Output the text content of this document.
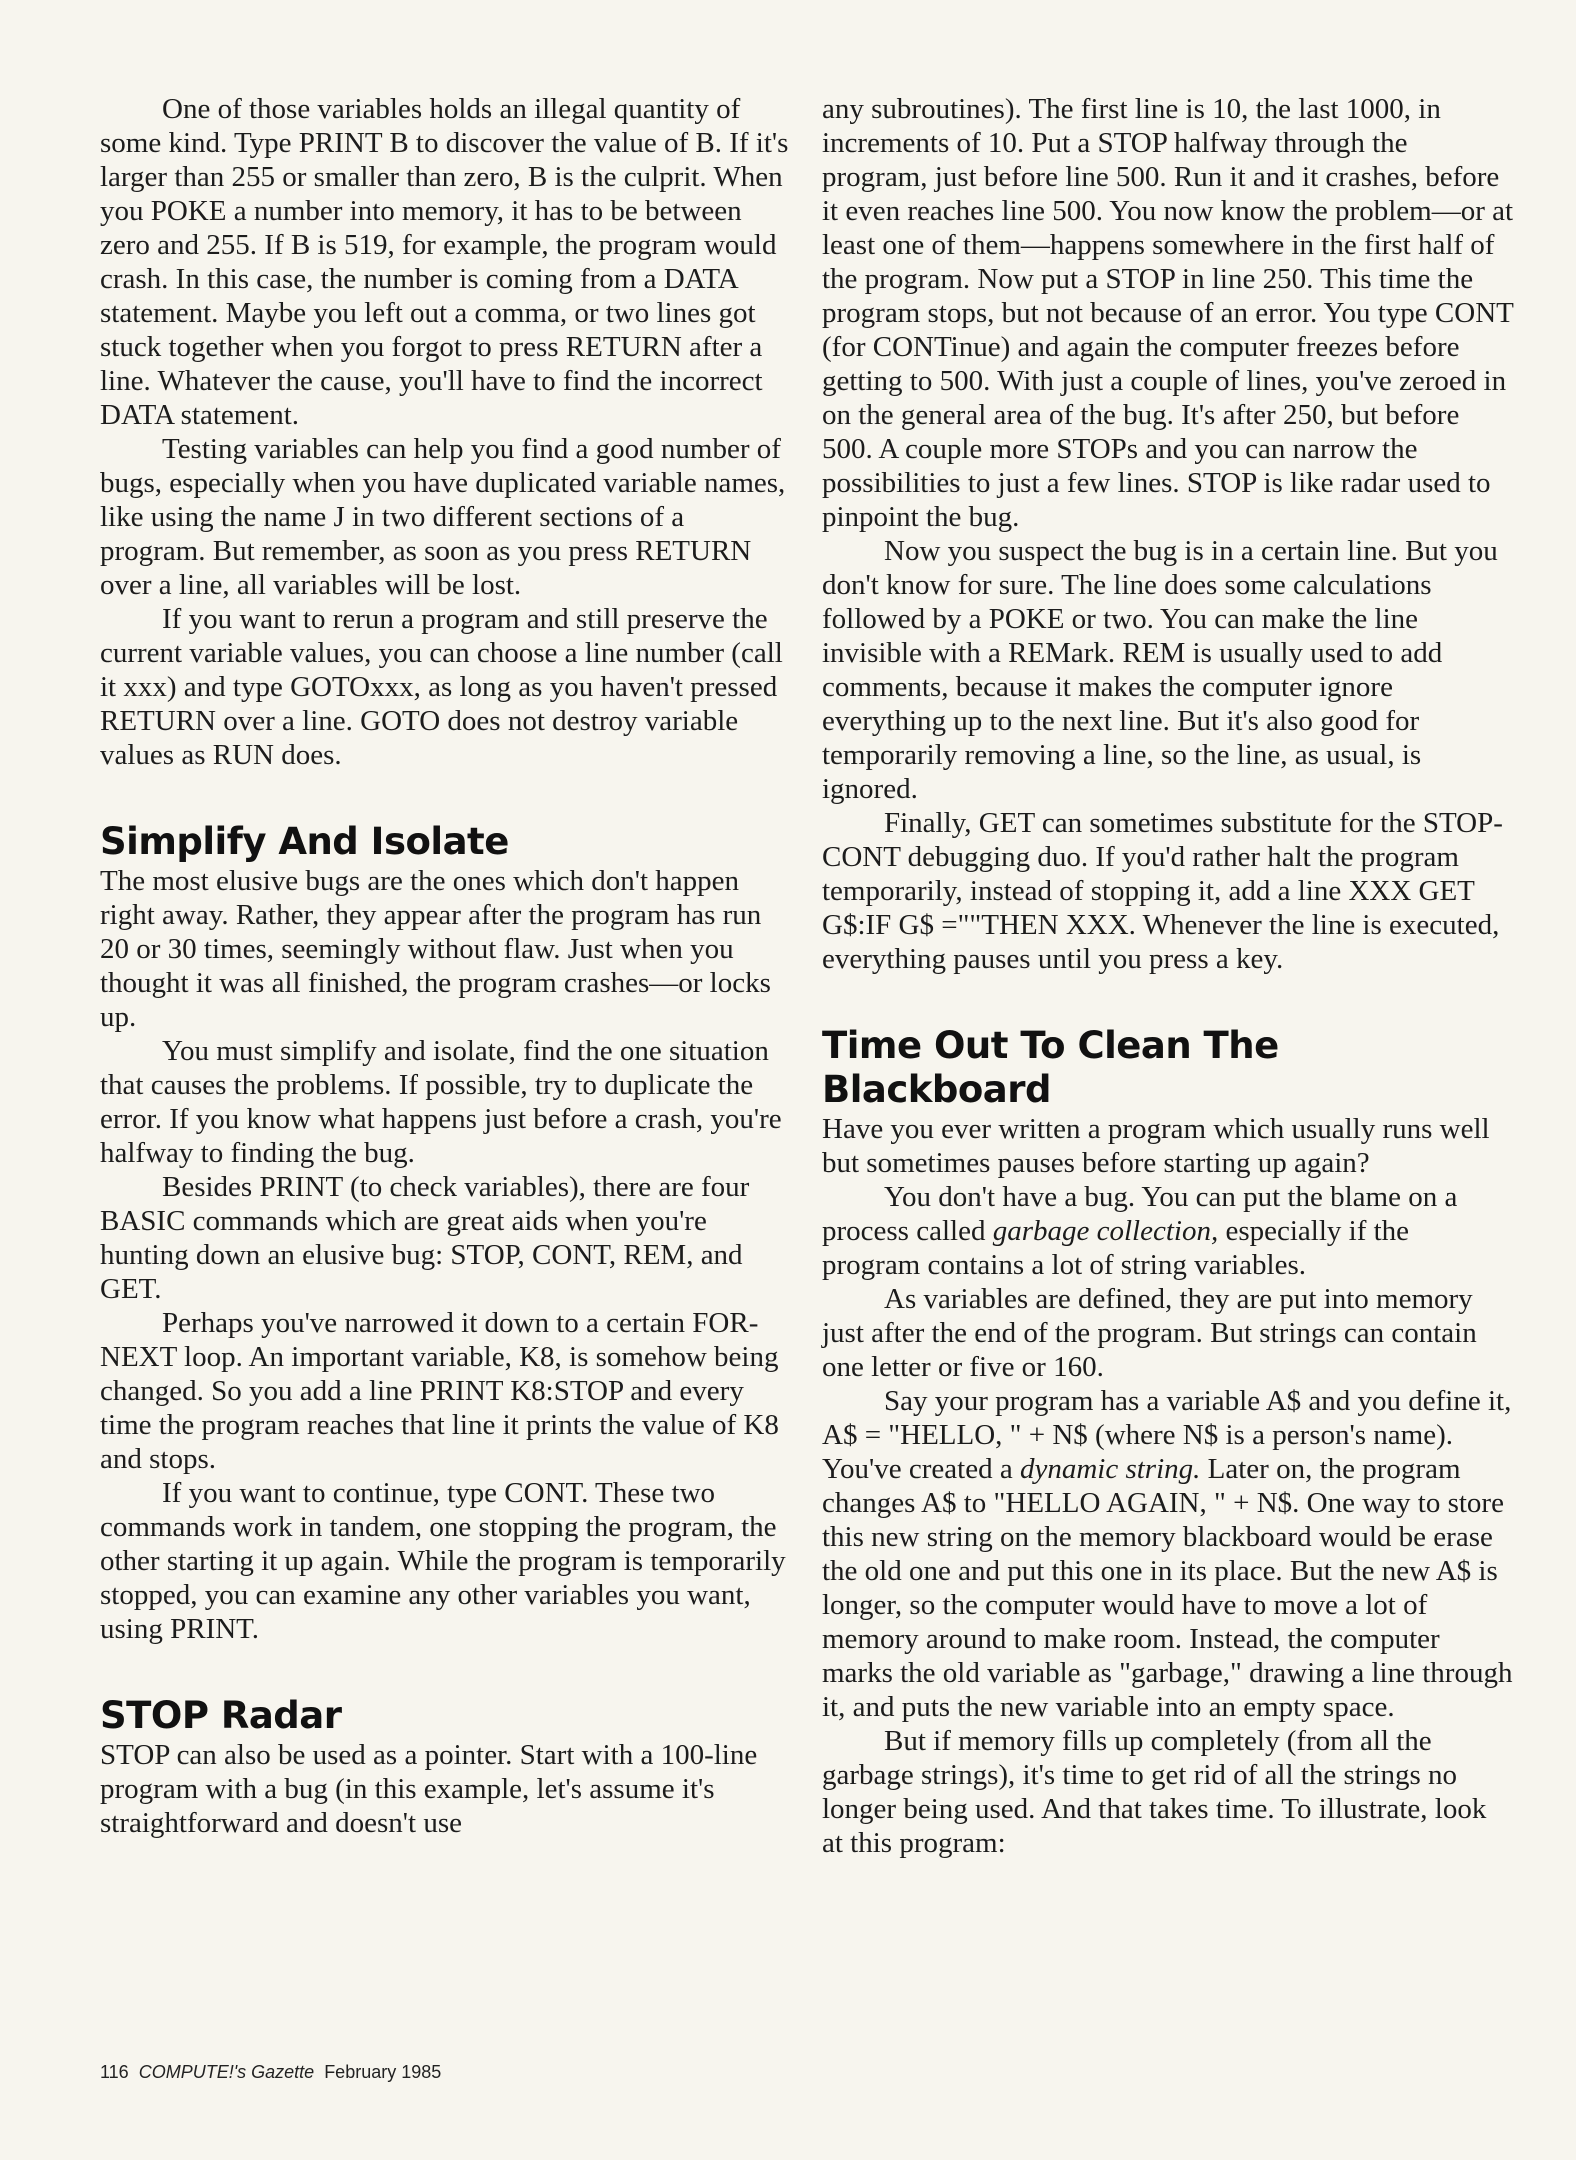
One of those variables holds an illegal quantity of some kind. Type PRINT B to discover the value of B. If it's larger than 255 or smaller than zero, B is the culprit. When you POKE a number into memory, it has to be between zero and 255. If B is 519, for example, the program would crash. In this case, the number is coming from a DATA statement. Maybe you left out a comma, or two lines got stuck together when you forgot to press RETURN after a line. Whatever the cause, you'll have to find the incorrect DATA statement.

Testing variables can help you find a good number of bugs, especially when you have duplicated variable names, like using the name J in two different sections of a program. But remember, as soon as you press RETURN over a line, all variables will be lost.

If you want to rerun a program and still preserve the current variable values, you can choose a line number (call it xxx) and type GOTOxxx, as long as you haven't pressed RETURN over a line. GOTO does not destroy variable values as RUN does.

Simplify And Isolate

The most elusive bugs are the ones which don't happen right away. Rather, they appear after the program has run 20 or 30 times, seemingly without flaw. Just when you thought it was all finished, the program crashes—or locks up.

You must simplify and isolate, find the one situation that causes the problems. If possible, try to duplicate the error. If you know what happens just before a crash, you're halfway to finding the bug.

Besides PRINT (to check variables), there are four BASIC commands which are great aids when you're hunting down an elusive bug: STOP, CONT, REM, and GET.

Perhaps you've narrowed it down to a certain FOR-NEXT loop. An important variable, K8, is somehow being changed. So you add a line PRINT K8:STOP and every time the program reaches that line it prints the value of K8 and stops.

If you want to continue, type CONT. These two commands work in tandem, one stopping the program, the other starting it up again. While the program is temporarily stopped, you can examine any other variables you want, using PRINT.

STOP Radar

STOP can also be used as a pointer. Start with a 100-line program with a bug (in this example, let's assume it's straightforward and doesn't use

any subroutines). The first line is 10, the last 1000, in increments of 10. Put a STOP halfway through the program, just before line 500. Run it and it crashes, before it even reaches line 500. You now know the problem—or at least one of them—happens somewhere in the first half of the program. Now put a STOP in line 250. This time the program stops, but not because of an error. You type CONT (for CONTinue) and again the computer freezes before getting to 500. With just a couple of lines, you've zeroed in on the general area of the bug. It's after 250, but before 500. A couple more STOPs and you can narrow the possibilities to just a few lines. STOP is like radar used to pinpoint the bug.

Now you suspect the bug is in a certain line. But you don't know for sure. The line does some calculations followed by a POKE or two. You can make the line invisible with a REMark. REM is usually used to add comments, because it makes the computer ignore everything up to the next line. But it's also good for temporarily removing a line, so the line, as usual, is ignored.

Finally, GET can sometimes substitute for the STOP-CONT debugging duo. If you'd rather halt the program temporarily, instead of stopping it, add a line XXX GET G$:IF G$ =""THEN XXX. Whenever the line is executed, everything pauses until you press a key.

Time Out To Clean The Blackboard

Have you ever written a program which usually runs well but sometimes pauses before starting up again?

You don't have a bug. You can put the blame on a process called garbage collection, especially if the program contains a lot of string variables.

As variables are defined, they are put into memory just after the end of the program. But strings can contain one letter or five or 160.

Say your program has a variable A$ and you define it, A$ = "HELLO, " + N$ (where N$ is a person's name). You've created a dynamic string. Later on, the program changes A$ to "HELLO AGAIN, " + N$. One way to store this new string on the memory blackboard would be erase the old one and put this one in its place. But the new A$ is longer, so the computer would have to move a lot of memory around to make room. Instead, the computer marks the old variable as "garbage," drawing a line through it, and puts the new variable into an empty space.

But if memory fills up completely (from all the garbage strings), it's time to get rid of all the strings no longer being used. And that takes time. To illustrate, look at this program:

116 COMPUTE!'s Gazette February 1985
